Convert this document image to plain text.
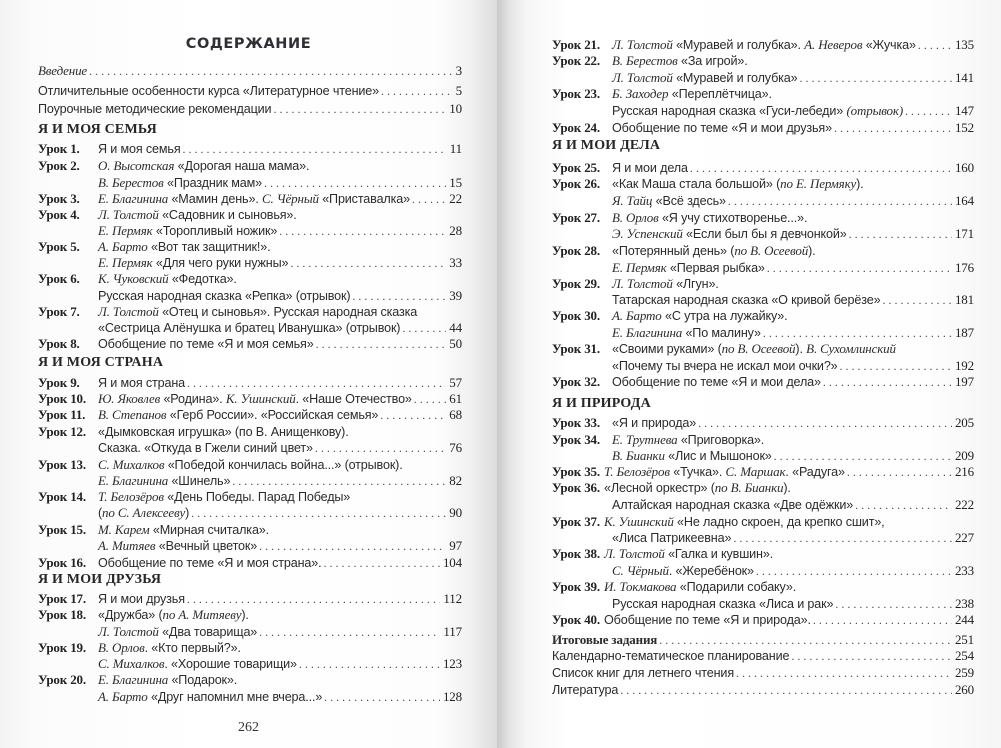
СОДЕРЖАНИЕ
Введение . . .	3
Отличительные особенности курса «Литературное чтение» . . .	5
Поурочные методические рекомендации . . .	10
Я И МОЯ СЕМЬЯ
Урок 1.	Я и моя семья . . .	11
Урок 2.	О. Высотская «Дорогая наша мама».
В. Берестов «Праздник мам» . . .	15
Урок 3.	Е. Благинина «Мамин день». С. Чёрный «Приставалка» . . .	22
Урок 4.	Л. Толстой «Садовник и сыновья».
Е. Пермяк «Торопливый ножик» . . .	28
Урок 5.	А. Барто «Вот так защитник!».
Е. Пермяк «Для чего руки нужны» . . .	33
Урок 6.	К. Чуковский «Федотка».
Русская народная сказка «Репка» (отрывок) . . .	39
Урок 7.	Л. Толстой «Отец и сыновья». Русская народная сказка
«Сестрица Алёнушка и братец Иванушка» (отрывок) . . .	44
Урок 8.	Обобщение по теме «Я и моя семья» . . .	50
Я И МОЯ СТРАНА
Урок 9.	Я и моя страна . . .	57
Урок 10. Ю. Яковлев «Родина». К. Ушинский. «Наше Отечество» . . .	61
Урок 11. В. Степанов «Герб России». «Российская семья» . . .	68
Урок 12. «Дымковская игрушка» (по В. Анищенкову).
Сказка. «Откуда в Гжели синий цвет» . . .	76
Урок 13. С. Михалков «Победой кончилась война...» (отрывок).
Е. Благинина «Шинель» . . .	82
Урок 14. Т. Белозёров «День Победы. Парад Победы»
(по С. Алексееву) . . .	90
Урок 15. М. Карем «Мирная считалка».
А. Митяев «Вечный цветок» . . .	97
Урок 16. Обобщение по теме «Я и моя страна». . . .	104
Я И МОИ ДРУЗЬЯ
Урок 17. Я и мои друзья . . .	112
Урок 18. «Дружба» (по А. Митяеву).
Л. Толстой «Два товарища» . . .	117
Урок 19. В. Орлов. «Кто первый?».
С. Михалков. «Хорошие товарищи» . . .	123
Урок 20. Е. Благинина «Подарок».
А. Барто «Друг напомнил мне вчера...» . . .	128
262
Урок 21. Л. Толстой «Муравей и голубка». А. Неверов «Жучка» . . .	135
Урок 22. В. Берестов «За игрой».
Л. Толстой «Муравей и голубка» . . .	141
Урок 23. Б. Заходер «Переплётчица».
Русская народная сказка «Гуси-лебеди» (отрывок) . . .	147
Урок 24. Обобщение по теме «Я и мои друзья» . . .	152
Я И МОИ ДЕЛА
Урок 25. Я и мои дела . . .	160
Урок 26. «Как Маша стала большой» (по Е. Пермяку).
Я. Тайц «Всё здесь» . . .	164
Урок 27. В. Орлов «Я учу стихотворенье...».
Э. Успенский «Если был бы я девчонкой» . . .	171
Урок 28. «Потерянный день» (по В. Осеевой).
Е. Пермяк «Первая рыбка» . . .	176
Урок 29. Л. Толстой «Лгун».
Татарская народная сказка «О кривой берёзе» . . .	181
Урок 30. А. Барто «С утра на лужайку».
Е. Благинина «По малину» . . .	187
Урок 31. «Своими руками» (по В. Осеевой). В. Сухомлинский
«Почему ты вчера не искал мои очки?» . . .	192
Урок 32. Обобщение по теме «Я и мои дела» . . .	197
Я И ПРИРОДА
Урок 33. «Я и природа» . . .	205
Урок 34. Е. Трутнева «Приговорка».
В. Бианки «Лис и Мышонок» . . .	209
Урок 35. Т. Белозёров «Тучка». С. Маршак. «Радуга» . . .	216
Урок 36. «Лесной оркестр» (по В. Бианки).
Алтайская народная сказка «Две одёжки» . . .	222
Урок 37. К. Ушинский «Не ладно скроен, да крепко сшит»,
«Лиса Патрикеевна» . . .	227
Урок 38. Л. Толстой «Галка и кувшин».
С. Чёрный. «Жеребёнок» . . .	233
Урок 39. И. Токмакова «Подарили собаку».
Русская народная сказка «Лиса и рак» . . .	238
Урок 40. Обобщение по теме «Я и природа». . . .	244
Итоговые задания . . .	251
Календарно-тематическое планирование . . .	254
Список книг для летнего чтения . . .	259
Литература . . .	260
